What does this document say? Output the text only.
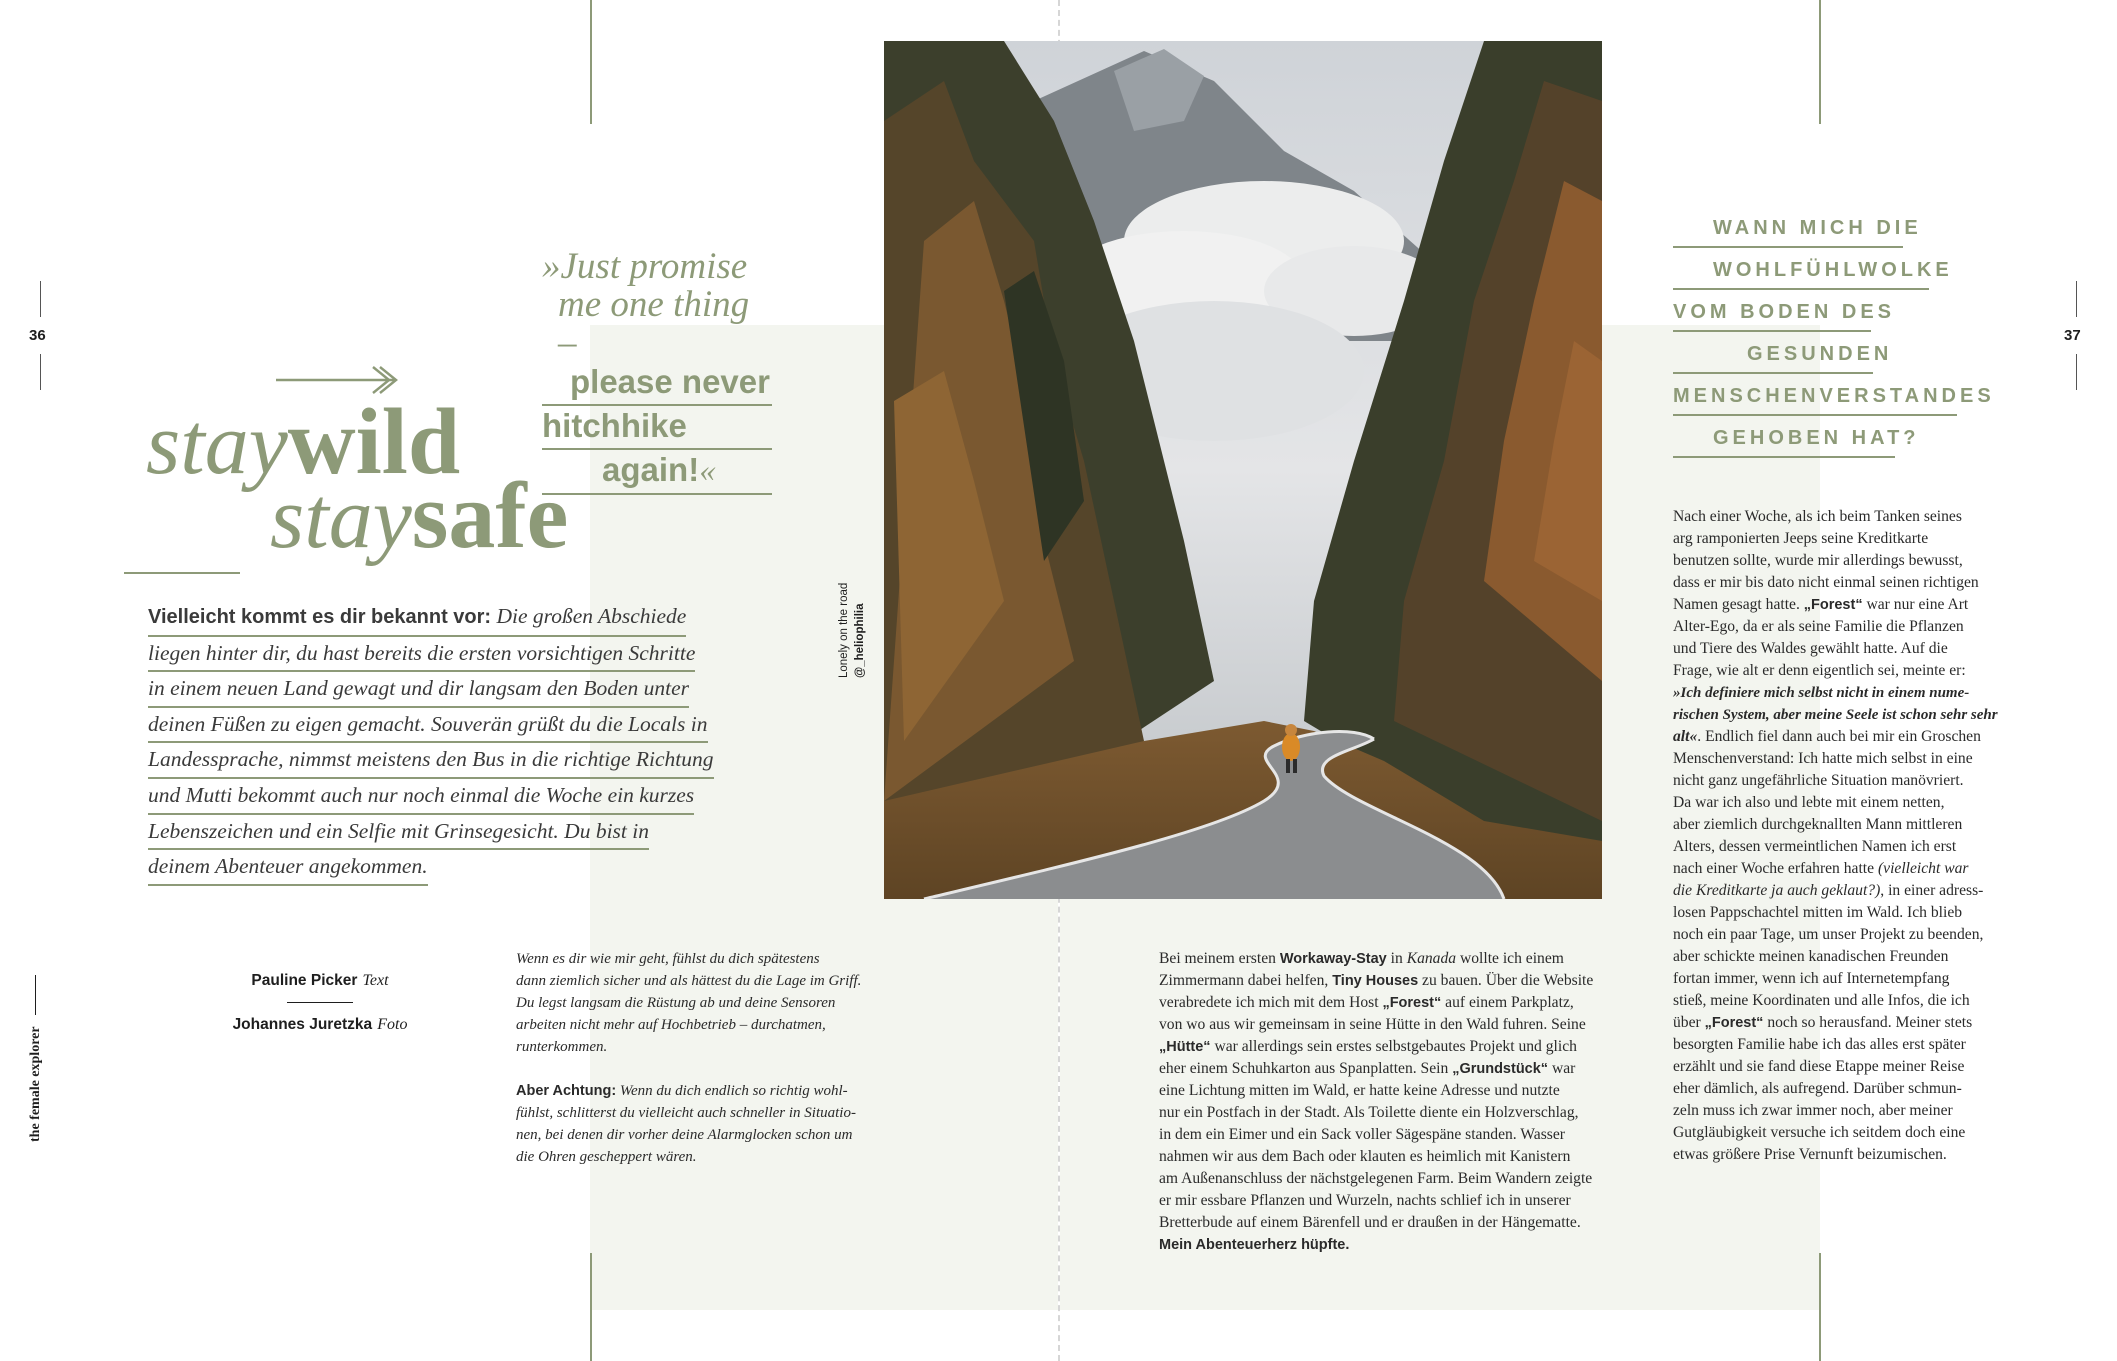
36	37
the female explorer
staywild
staysafe
»Just promise
me one thing –
please never
hitchhike
again!«
Vielleicht kommt es dir bekannt vor: Die großen Abschiede
liegen hinter dir, du hast bereits die ersten vorsichtigen Schritte
in einem neuen Land gewagt und dir langsam den Boden unter
deinen Füßen zu eigen gemacht. Souverän grüßt du die Locals in
Landessprache, nimmst meistens den Bus in die richtige Richtung
und Mutti bekommt auch nur noch einmal die Woche ein kurzes
Lebenszeichen und ein Selfie mit Grinsegesicht. Du bist in
deinem Abenteuer angekommen.
Pauline Picker Text
Johannes Juretzka Foto
Lonely on the road @_heliophilia
Wenn es dir wie mir geht, fühlst du dich spätestens
dann ziemlich sicher und als hättest du die Lage im Griff.
Du legst langsam die Rüstung ab und deine Sensoren
arbeiten nicht mehr auf Hochbetrieb – durchatmen,
runterkommen.

Aber Achtung: Wenn du dich endlich so richtig wohl-
fühlst, schlitterst du vielleicht auch schneller in Situatio-
nen, bei denen dir vorher deine Alarmglocken schon um
die Ohren gescheppert wären.
Bei meinem ersten Workaway-Stay in Kanada wollte ich einem
Zimmermann dabei helfen, Tiny Houses zu bauen. Über die Website
verabredete ich mich mit dem Host „Forest“ auf einem Parkplatz,
von wo aus wir gemeinsam in seine Hütte in den Wald fuhren. Seine
„Hütte“ war allerdings sein erstes selbstgebautes Projekt und glich
eher einem Schuhkarton aus Spanplatten. Sein „Grundstück“ war
eine Lichtung mitten im Wald, er hatte keine Adresse und nutzte
nur ein Postfach in der Stadt. Als Toilette diente ein Holzverschlag,
in dem ein Eimer und ein Sack voller Sägespäne standen. Wasser
nahmen wir aus dem Bach oder klauten es heimlich mit Kanistern
am Außenanschluss der nächstgelegenen Farm. Beim Wandern zeigte
er mir essbare Pflanzen und Wurzeln, nachts schlief ich in unserer
Bretterbude auf einem Bärenfell und er draußen in der Hängematte.
Mein Abenteuerherz hüpfte.
WANN MICH DIE
WOHLFÜHLWOLKE
VOM BODEN DES
GESUNDEN
MENSCHENVERSTANDES
GEHOBEN HAT?
Nach einer Woche, als ich beim Tanken seines
arg ramponierten Jeeps seine Kreditkarte
benutzen sollte, wurde mir allerdings bewusst,
dass er mir bis dato nicht einmal seinen richtigen
Namen gesagt hatte. „Forest“ war nur eine Art
Alter-Ego, da er als seine Familie die Pflanzen
und Tiere des Waldes gewählt hatte. Auf die
Frage, wie alt er denn eigentlich sei, meinte er:
»Ich definiere mich selbst nicht in einem nume-
rischen System, aber meine Seele ist schon sehr sehr
alt«. Endlich fiel dann auch bei mir ein Groschen
Menschenverstand: Ich hatte mich selbst in eine
nicht ganz ungefährliche Situation manövriert.
Da war ich also und lebte mit einem netten,
aber ziemlich durchgeknallten Mann mittleren
Alters, dessen vermeintlichen Namen ich erst
nach einer Woche erfahren hatte (vielleicht war
die Kreditkarte ja auch geklaut?), in einer adress-
losen Pappschachtel mitten im Wald. Ich blieb
noch ein paar Tage, um unser Projekt zu beenden,
aber schickte meinen kanadischen Freunden
fortan immer, wenn ich auf Internetempfang
stieß, meine Koordinaten und alle Infos, die ich
über „Forest“ noch so herausfand. Meiner stets
besorgten Familie habe ich das alles erst später
erzählt und sie fand diese Etappe meiner Reise
eher dämlich, als aufregend. Darüber schmun-
zeln muss ich zwar immer noch, aber meiner
Gutgläubigkeit versuche ich seitdem doch eine
etwas größere Prise Vernunft beizumischen.
